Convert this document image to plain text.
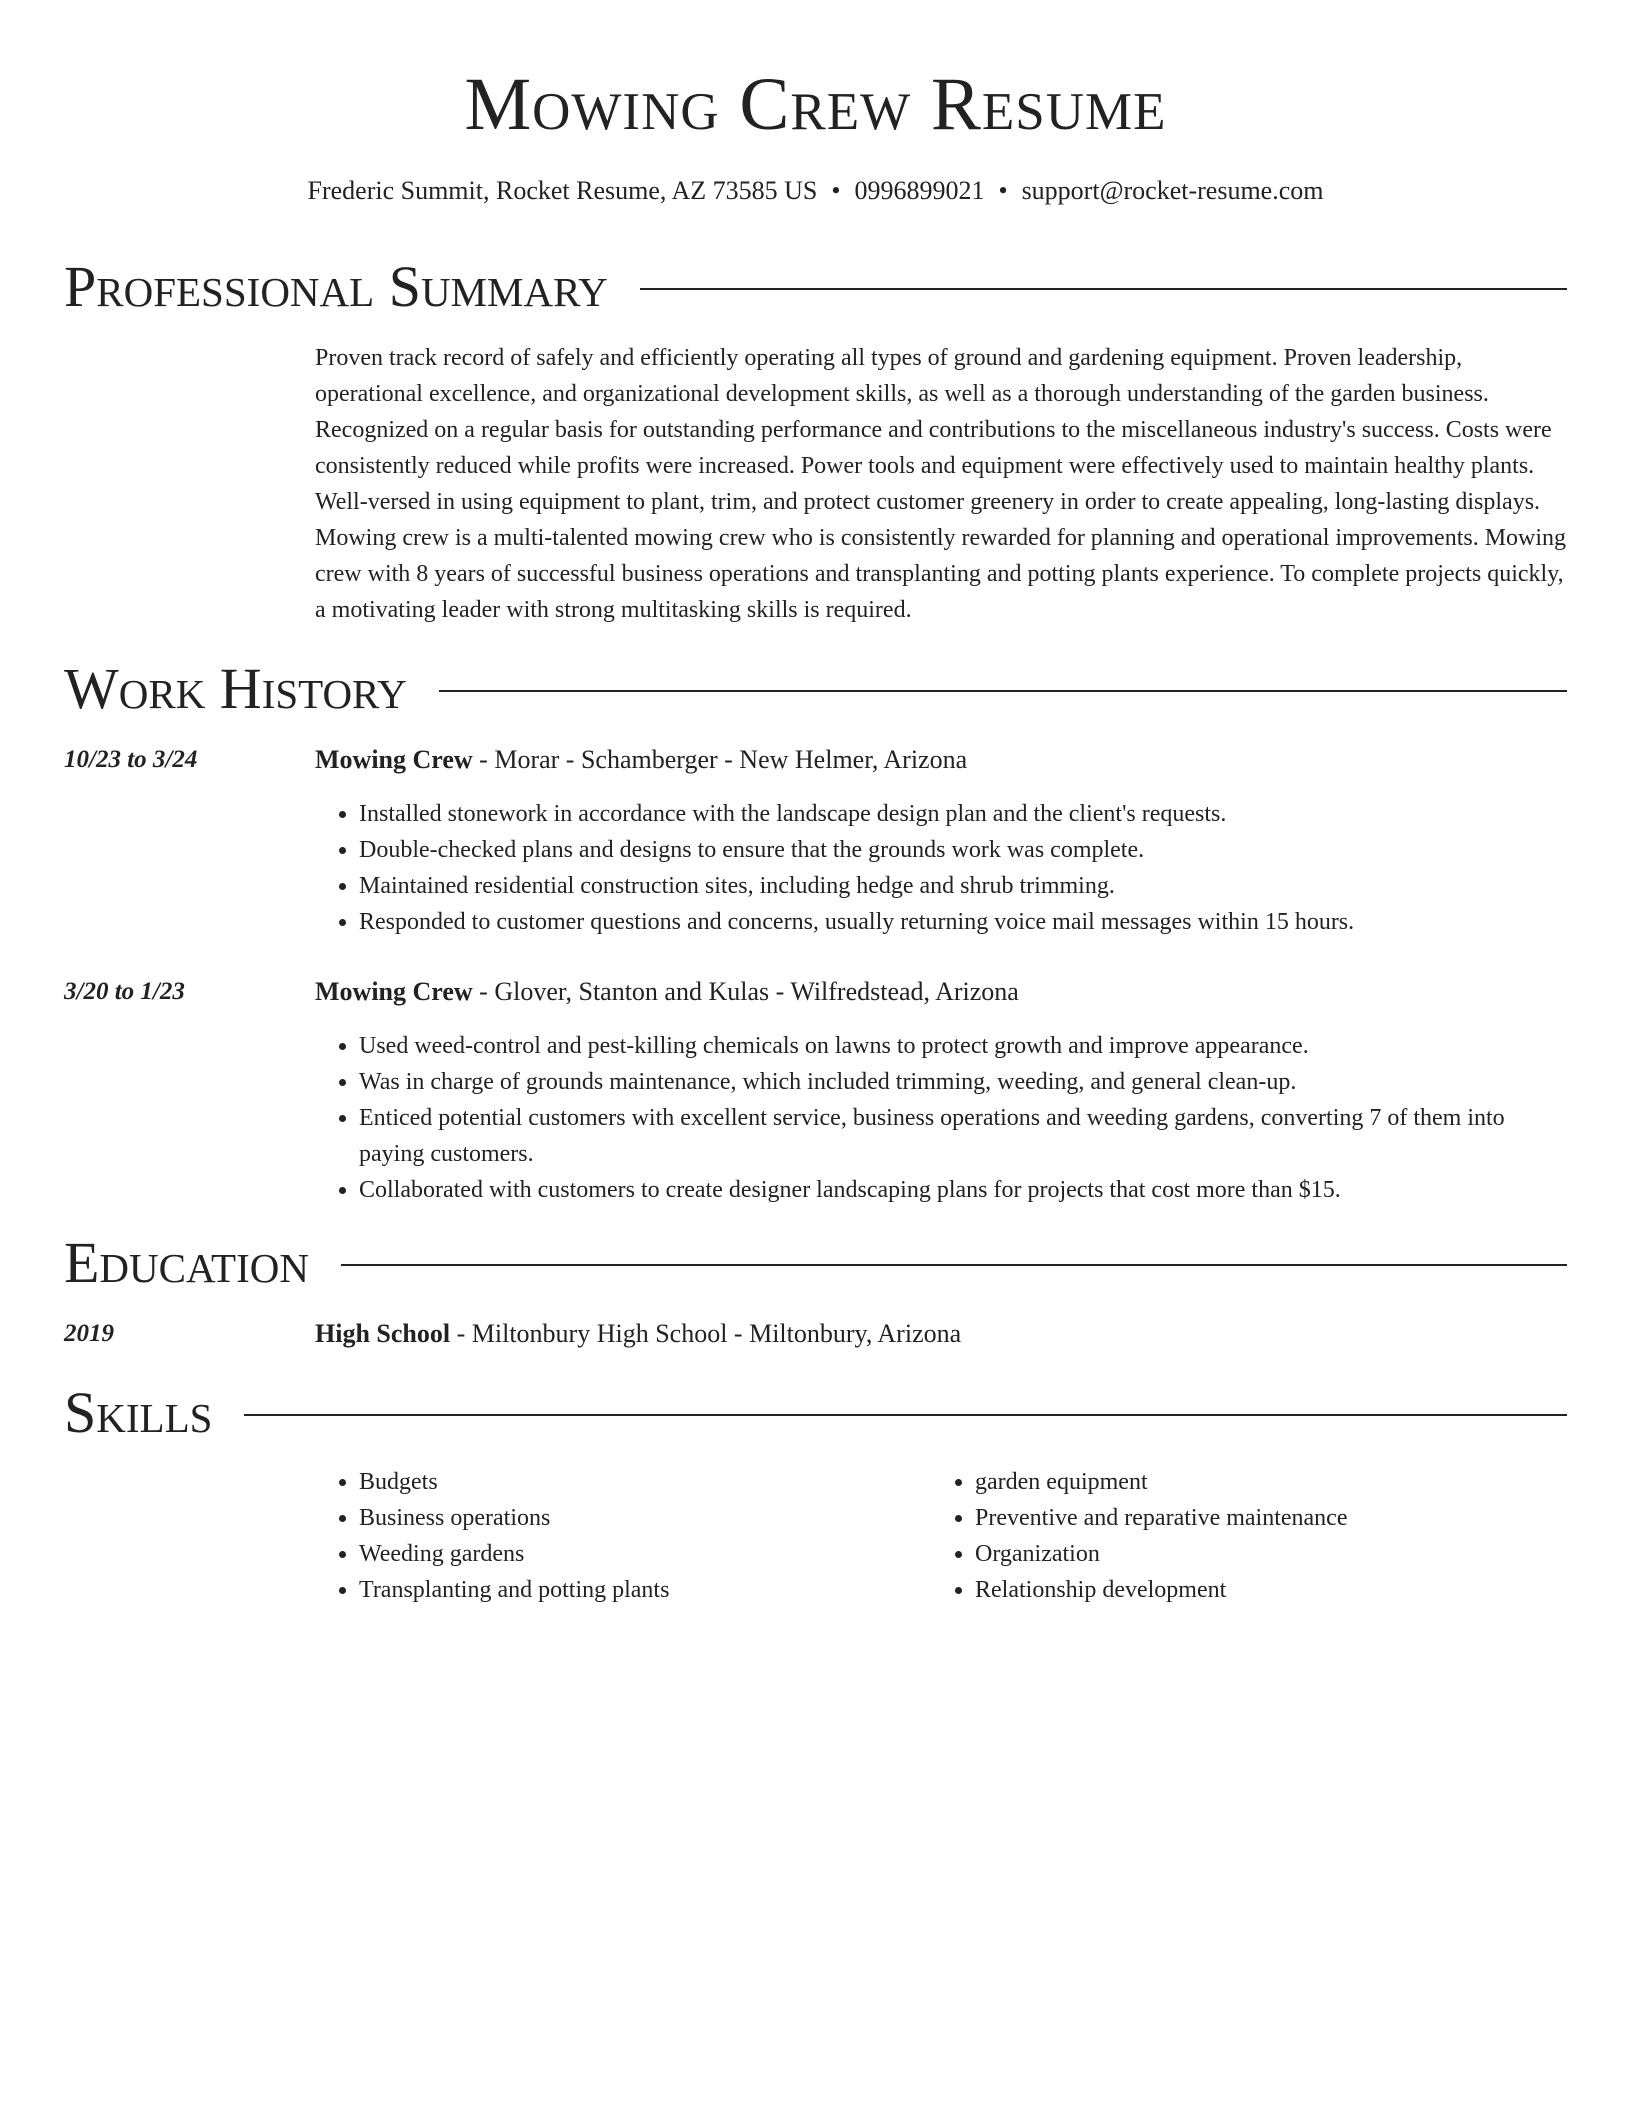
Mowing Crew Resume
Frederic Summit, Rocket Resume, AZ 73585 US • 0996899021 • support@rocket-resume.com
Professional Summary
Proven track record of safely and efficiently operating all types of ground and gardening equipment. Proven leadership, operational excellence, and organizational development skills, as well as a thorough understanding of the garden business. Recognized on a regular basis for outstanding performance and contributions to the miscellaneous industry's success. Costs were consistently reduced while profits were increased. Power tools and equipment were effectively used to maintain healthy plants. Well-versed in using equipment to plant, trim, and protect customer greenery in order to create appealing, long-lasting displays. Mowing crew is a multi-talented mowing crew who is consistently rewarded for planning and operational improvements. Mowing crew with 8 years of successful business operations and transplanting and potting plants experience. To complete projects quickly, a motivating leader with strong multitasking skills is required.
Work History
10/23 to 3/24	Mowing Crew - Morar - Schamberger - New Helmer, Arizona
• Installed stonework in accordance with the landscape design plan and the client's requests.
• Double-checked plans and designs to ensure that the grounds work was complete.
• Maintained residential construction sites, including hedge and shrub trimming.
• Responded to customer questions and concerns, usually returning voice mail messages within 15 hours.
3/20 to 1/23	Mowing Crew - Glover, Stanton and Kulas - Wilfredstead, Arizona
• Used weed-control and pest-killing chemicals on lawns to protect growth and improve appearance.
• Was in charge of grounds maintenance, which included trimming, weeding, and general clean-up.
• Enticed potential customers with excellent service, business operations and weeding gardens, converting 7 of them into paying customers.
• Collaborated with customers to create designer landscaping plans for projects that cost more than $15.
Education
2019	High School - Miltonbury High School - Miltonbury, Arizona
Skills
• Budgets
• Business operations
• Weeding gardens
• Transplanting and potting plants
• garden equipment
• Preventive and reparative maintenance
• Organization
• Relationship development
